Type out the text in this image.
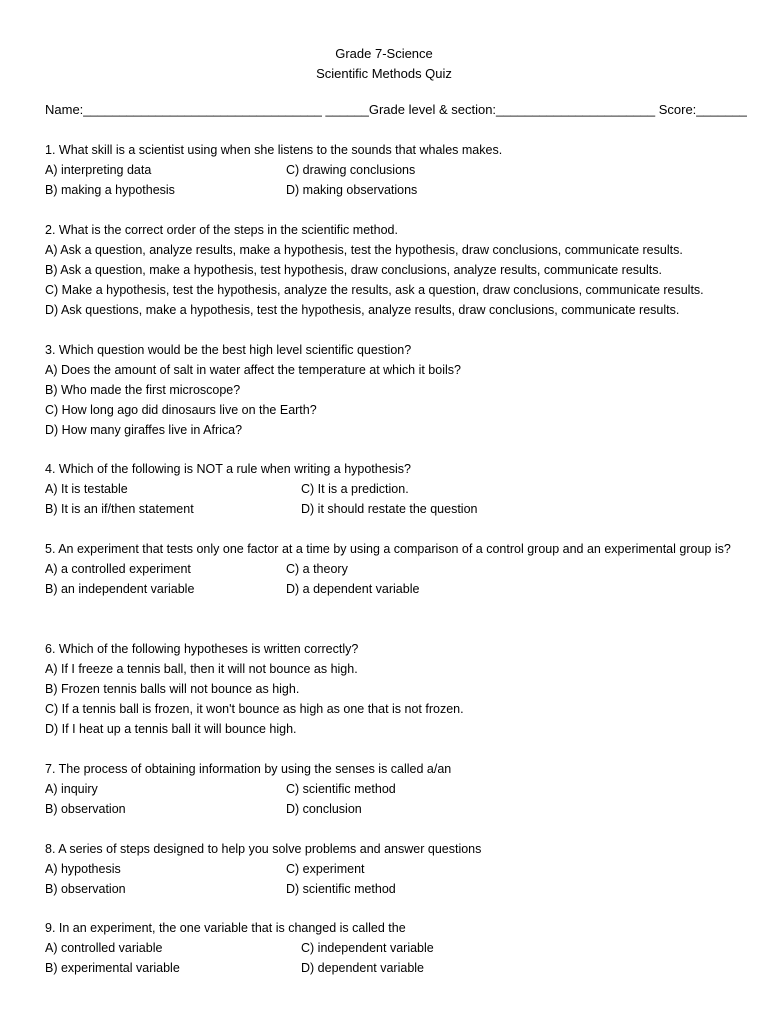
Grade 7-Science
Scientific Methods Quiz
Name:_________________________________ ______Grade level & section:______________________ Score:_______
1. What skill is a scientist using when she listens to the sounds that whales makes.
A) interpreting data	C) drawing conclusions
B) making a hypothesis	D) making observations
2. What is the correct order of the steps in the scientific method.
A) Ask a question, analyze results, make a hypothesis, test the hypothesis, draw conclusions, communicate results.
B) Ask a question, make a hypothesis, test hypothesis, draw conclusions, analyze results, communicate results.
C) Make a hypothesis, test the hypothesis, analyze the results, ask a question, draw conclusions, communicate results.
D) Ask questions, make a hypothesis, test the hypothesis, analyze results, draw conclusions, communicate results.
3. Which question would be the best high level scientific question?
A) Does the amount of salt in water affect the temperature at which it boils?
B) Who made the first microscope?
C) How long ago did dinosaurs live on the Earth?
D) How many giraffes live in Africa?
4. Which of the following is NOT a rule when writing a hypothesis?
A) It is testable	C) It is a prediction.
B) It is an if/then statement	D) it should restate the question
5. An experiment that tests only one factor at a time by using a comparison of a control group and an experimental group is?
A) a controlled experiment	C) a theory
B) an independent variable	D) a dependent variable
6. Which of the following hypotheses is written correctly?
A) If I freeze a tennis ball, then it will not bounce as high.
B) Frozen tennis balls will not bounce as high.
C) If a tennis ball is frozen, it won't bounce as high as one that is not frozen.
D) If I heat up a tennis ball it will bounce high.
7. The process of obtaining information by using the senses is called a/an
A) inquiry	C) scientific method
B) observation	D) conclusion
8. A series of steps designed to help you solve problems and answer questions
A) hypothesis	C) experiment
B) observation	D) scientific method
9. In an experiment, the one variable that is changed is called the
A) controlled variable	C) independent variable
B) experimental variable	D) dependent variable
